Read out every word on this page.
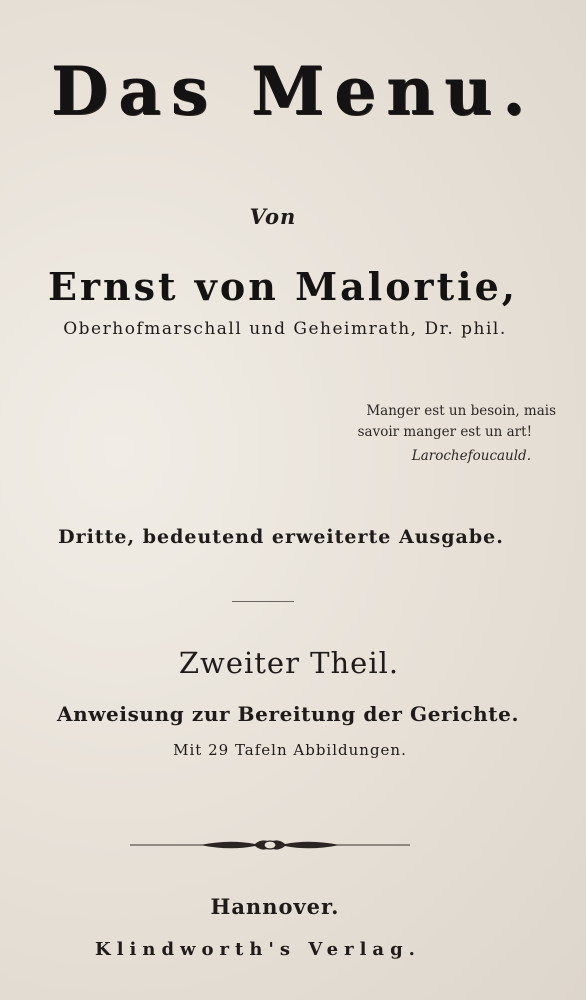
Das Menu.
Von
Ernst von Malortie,
Oberhofmarschall und Geheimrath, Dr. phil.
Manger est un besoin, mais
savoir manger est un art!
Larochefoucauld.
Dritte, bedeutend erweiterte Ausgabe.
Zweiter Theil.
Anweisung zur Bereitung der Gerichte.
Mit 29 Tafeln Abbildungen.
Hannover.
Klindworth's Verlag.
